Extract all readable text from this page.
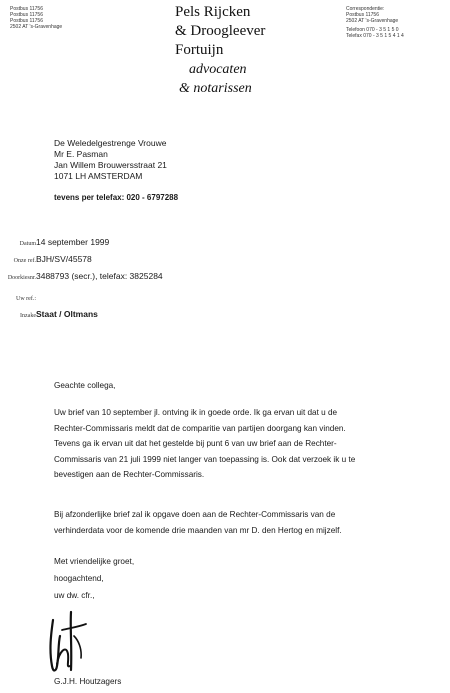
Postbus 11756
Postbus 11756
Postbus 11756
2502 AT 's-Gravenhage
Pels Rijcken
& Droogleever
Fortuijn
advocaten
& notarissen
Correspondentie:
Postbus 11756
2502 AT 's-Gravenhage
Telefoon 070 - 3 5 1 5 0
Telefax 070 - 3 5 1 5 4 1 4
De Weledelgestrenge Vrouwe
Mr E. Pasman
Jan Willem Brouwersstraat 21
1071 LH AMSTERDAM
tevens per telefax: 020 - 6797288
Datum14 september 1999
Onze ref.BJH/SV/45578
Doorkiesnr.3488793 (secr.), telefax: 3825284
Uw ref.:
InzakeStaat / Oltmans
Geachte collega,
Uw brief van 10 september jl. ontving ik in goede orde. Ik ga ervan uit dat u de
Rechter-Commissaris meldt dat de comparitie van partijen doorgang kan vinden.
Tevens ga ik ervan uit dat het gestelde bij punt 6 van uw brief aan de Rechter-
Commissaris van 21 juli 1999 niet langer van toepassing is. Ook dat verzoek ik u te
bevestigen aan de Rechter-Commissaris.
Bij afzonderlijke brief zal ik opgave doen aan de Rechter-Commissaris van de
verhinderdata voor de komende drie maanden van mr D. den Hertog en mijzelf.
Met vriendelijke groet,
hoogachtend,
uw dw. cfr.,
G.J.H. Houtzagers
